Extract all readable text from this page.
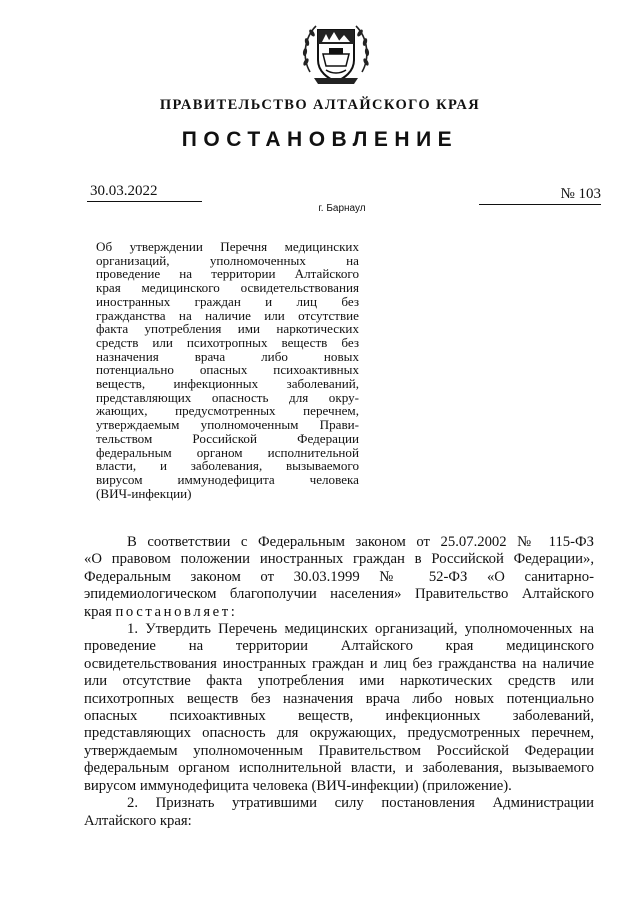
ПРАВИТЕЛЬСТВО АЛТАЙСКОГО КРАЯ
ПОСТАНОВЛЕНИЕ
30.03.2022	№ 103
г. Барнаул
Об утверждении Перечня медицинских
организаций, уполномоченных на
проведение на территории Алтайского
края медицинского освидетельствования
иностранных граждан и лиц без
гражданства на наличие или отсутствие
факта употребления ими наркотических
средств или психотропных веществ без
назначения врача либо новых
потенциально опасных психоактивных
веществ, инфекционных заболеваний,
представляющих опасность для окру-
жающих, предусмотренных перечнем,
утверждаемым уполномоченным Прави-
тельством Российской Федерации
федеральным органом исполнительной
власти, и заболевания, вызываемого
вирусом иммунодефицита человека
(ВИЧ-инфекции)
В соответствии с Федеральным законом от 25.07.2002 № 115-ФЗ
«О правовом положении иностранных граждан в Российской Федерации»,
Федеральным законом от 30.03.1999 № 52-ФЗ «О санитарно-
эпидемиологическом благополучии населения» Правительство Алтайского
края постановляет:
1. Утвердить Перечень медицинских организаций, уполномоченных на
проведение на территории Алтайского края медицинского
освидетельствования иностранных граждан и лиц без гражданства на наличие
или отсутствие факта употребления ими наркотических средств или
психотропных веществ без назначения врача либо новых потенциально
опасных психоактивных веществ, инфекционных заболеваний,
представляющих опасность для окружающих, предусмотренных перечнем,
утверждаемым уполномоченным Правительством Российской Федерации
федеральным органом исполнительной власти, и заболевания, вызываемого
вирусом иммунодефицита человека (ВИЧ-инфекции) (приложение).
2. Признать утратившими силу постановления Администрации
Алтайского края:
